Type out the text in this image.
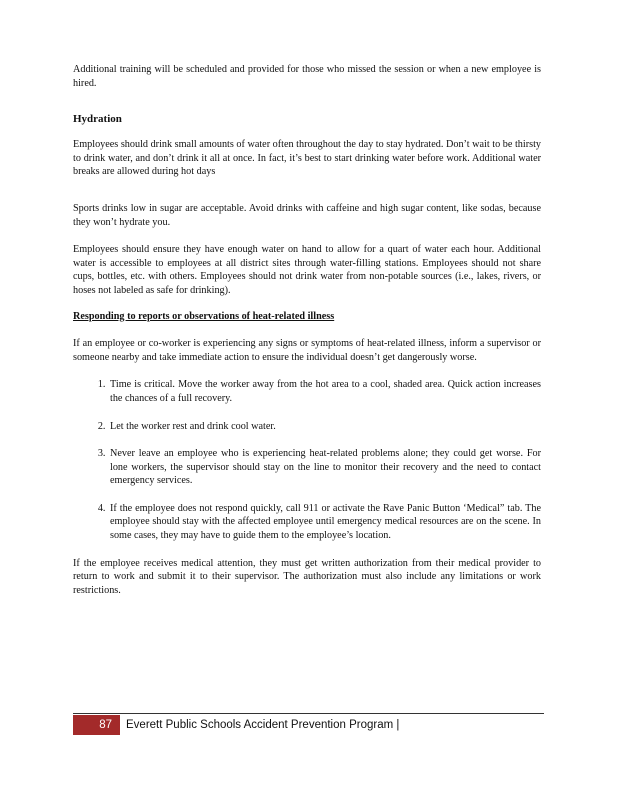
Additional training will be scheduled and provided for those who missed the session or when a new employee is hired.

Hydration

Employees should drink small amounts of water often throughout the day to stay hydrated. Don’t wait to be thirsty to drink water, and don’t drink it all at once. In fact, it’s best to start drinking water before work. Additional water breaks are allowed during hot days

Sports drinks low in sugar are acceptable. Avoid drinks with caffeine and high sugar content, like sodas, because they won’t hydrate you.

Employees should ensure they have enough water on hand to allow for a quart of water each hour. Additional water is accessible to employees at all district sites through water-filling stations. Employees should not share cups, bottles, etc. with others. Employees should not drink water from non-potable sources (i.e., lakes, rivers, or hoses not labeled as safe for drinking).

Responding to reports or observations of heat-related illness

If an employee or co-worker is experiencing any signs or symptoms of heat-related illness, inform a supervisor or someone nearby and take immediate action to ensure the individual doesn’t get dangerously worse.

1. Time is critical. Move the worker away from the hot area to a cool, shaded area. Quick action increases the chances of a full recovery.
2. Let the worker rest and drink cool water.
3. Never leave an employee who is experiencing heat-related problems alone; they could get worse. For lone workers, the supervisor should stay on the line to monitor their recovery and the need to contact emergency services.
4. If the employee does not respond quickly, call 911 or activate the Rave Panic Button ‘Medical” tab. The employee should stay with the affected employee until emergency medical resources are on the scene. In some cases, they may have to guide them to the employee’s location.

If the employee receives medical attention, they must get written authorization from their medical provider to return to work and submit it to their supervisor. The authorization must also include any limitations or work restrictions.

87	Everett Public Schools Accident Prevention Program |
